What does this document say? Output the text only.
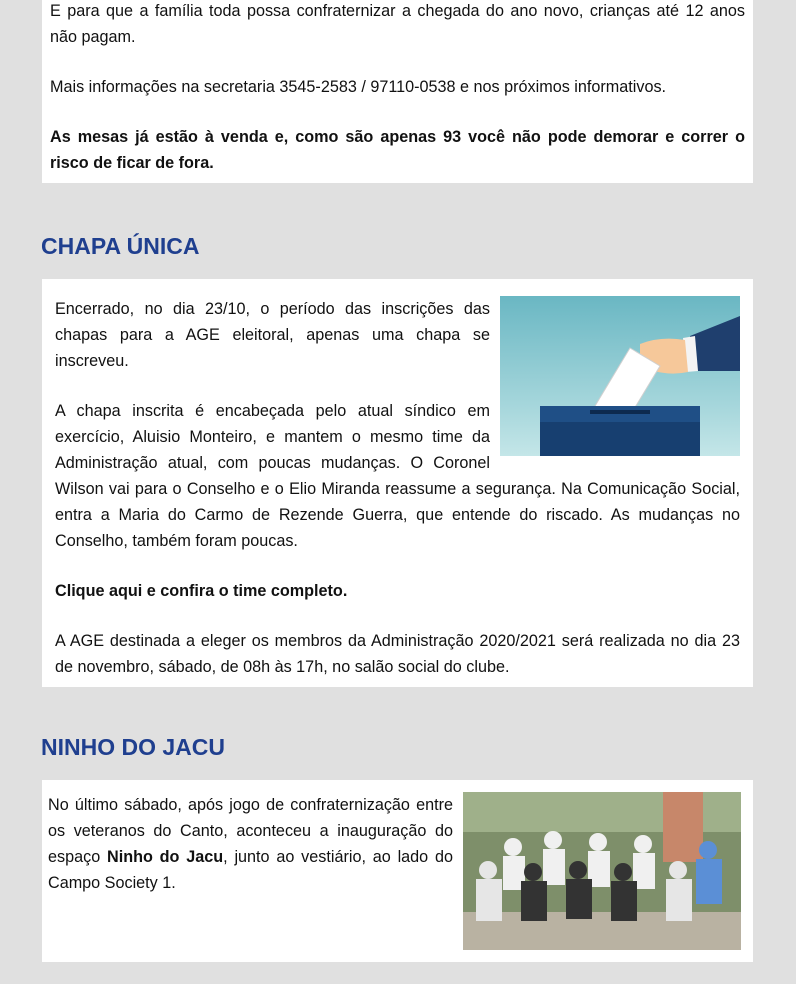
E para que a família toda possa confraternizar a chegada do ano novo, crianças até 12 anos não pagam.

Mais informações na secretaria 3545-2583 / 97110-0538 e nos próximos informativos.

As mesas já estão à venda e, como são apenas 93 você não pode demorar e correr o risco de ficar de fora.

CHAPA ÚNICA

Encerrado, no dia 23/10, o período das inscrições das chapas para a AGE eleitoral, apenas uma chapa se inscreveu.

A chapa inscrita é encabeçada pelo atual síndico em exercício, Aluisio Monteiro, e mantem o mesmo time da Administração atual, com poucas mudanças. O Coronel Wilson vai para o Conselho e o Elio Miranda reassume a segurança. Na Comunicação Social, entra a Maria do Carmo de Rezende Guerra, que entende do riscado. As mudanças no Conselho, também foram poucas.

Clique aqui e confira o time completo.

A AGE destinada a eleger os membros da Administração 2020/2021 será realizada no dia 23 de novembro, sábado, de 08h às 17h, no salão social do clube.

NINHO DO JACU

No último sábado, após jogo de confraternização entre os veteranos do Canto, aconteceu a inauguração do espaço Ninho do Jacu, junto ao vestiário, ao lado do Campo Society 1.
